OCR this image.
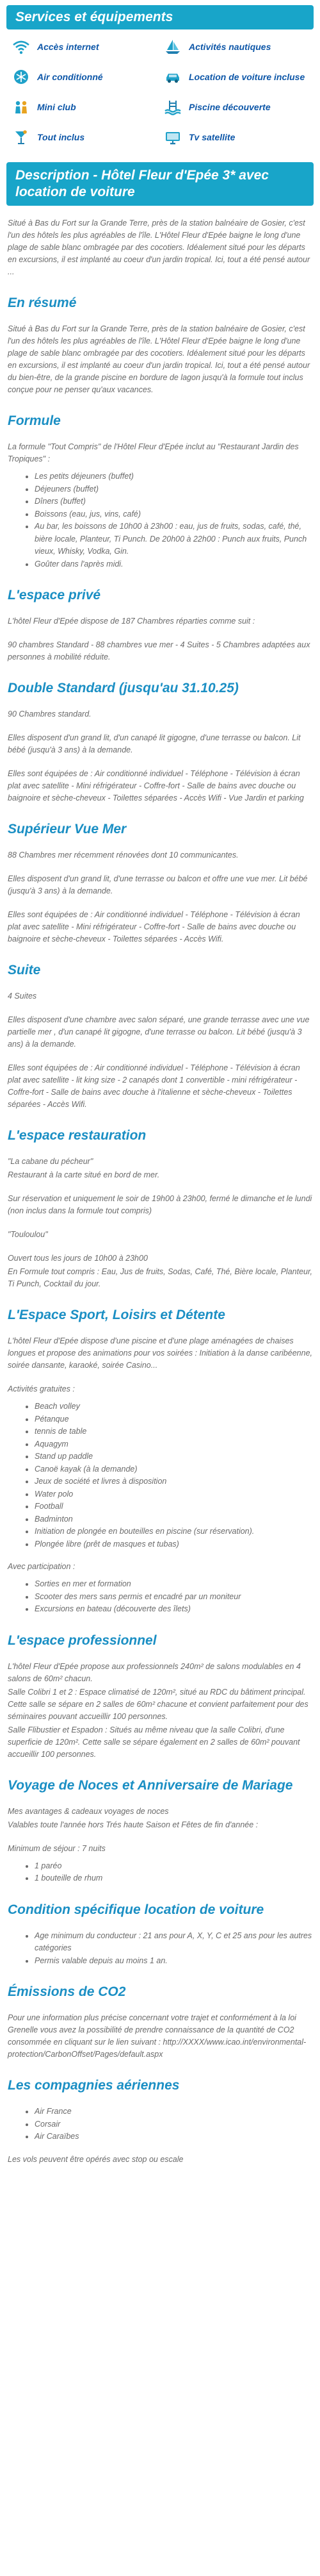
Services et équipements
Accès internet	Activités nautiques
Air conditionné	Location de voiture incluse
Mini club	Piscine découverte
Tout inclus	Tv satellite
Description - Hôtel Fleur d'Epée 3* avec location de voiture

Situé à Bas du Fort sur la Grande Terre, près de la station balnéaire de Gosier, c'est l'un des hôtels les plus agréables de l'île. L'Hôtel Fleur d'Epée baigne le long d'une plage de sable blanc ombragée par des cocotiers. Idéalement situé pour les départs en excursions, il est implanté au coeur d'un jardin tropical. Ici, tout a été pensé autour ...

En résumé

Situé à Bas du Fort sur la Grande Terre, près de la station balnéaire de Gosier, c'est l'un des hôtels les plus agréables de l'île. L'Hôtel Fleur d'Epée baigne le long d'une plage de sable blanc ombragée par des cocotiers. Idéalement situé pour les départs en excursions, il est implanté au coeur d'un jardin tropical. Ici, tout a été pensé autour du bien-être, de la grande piscine en bordure de lagon jusqu'à la formule tout inclus conçue pour ne penser qu'aux vacances.

Formule

La formule "Tout Compris" de l'Hôtel Fleur d'Epée inclut au "Restaurant Jardin des Tropiques" :

• Les petits déjeuners (buffet)
• Déjeuners (buffet)
• Dîners (buffet)
• Boissons (eau, jus, vins, café)
• Au bar, les boissons de 10h00 à 23h00 : eau, jus de fruits, sodas, café, thé, bière locale, Planteur, Ti Punch. De 20h00 à 22h00 : Punch aux fruits, Punch vieux, Whisky, Vodka, Gin.
• Goûter dans l'après midi.
L'espace privé

L'hôtel Fleur d'Epée dispose de 187 Chambres réparties comme suit :

90 chambres Standard - 88 chambres vue mer - 4 Suites - 5 Chambres adaptées aux personnes à mobilité réduite.

Double Standard (jusqu'au 31.10.25)

90 Chambres standard.

Elles disposent d'un grand lit, d'un canapé lit gigogne, d'une terrasse ou balcon. Lit bébé (jusqu'à 3 ans) à la demande.

Elles sont équipées de : Air conditionné individuel - Téléphone - Télévision à écran plat avec satellite - Mini réfrigérateur - Coffre-fort - Salle de bains avec douche ou baignoire et sèche-cheveux - Toilettes séparées - Accès Wifi - Vue Jardin et parking

Supérieur Vue Mer

88 Chambres mer récemment rénovées dont 10 communicantes.

Elles disposent d'un grand lit, d'une terrasse ou balcon et offre une vue mer. Lit bébé (jusqu'à 3 ans) à la demande.

Elles sont équipées de : Air conditionné individuel - Téléphone - Télévision à écran plat avec satellite - Mini réfrigérateur - Coffre-fort - Salle de bains avec douche ou baignoire et sèche-cheveux - Toilettes séparées - Accès Wifi.

Suite

4 Suites

Elles disposent d'une chambre avec salon séparé, une grande terrasse avec une vue partielle mer , d'un canapé lit gigogne, d'une terrasse ou balcon. Lit bébé (jusqu'à 3 ans) à la demande.

Elles sont équipées de : Air conditionné individuel - Téléphone - Télévision à écran plat avec satellite - lit king size - 2 canapés dont 1 convertible - mini réfrigérateur - Coffre-fort - Salle de bains avec douche à l'italienne et sèche-cheveux - Toilettes séparées - Accès Wifi.

L'espace restauration

"La cabane du pécheur"

Restaurant à la carte situé en bord de mer.

Sur réservation et uniquement le soir de 19h00 à 23h00, fermé le dimanche et le lundi (non inclus dans la formule tout compris)

"Touloulou"

Ouvert tous les jours de 10h00 à 23h00

En Formule tout compris : Eau, Jus de fruits, Sodas, Café, Thé, Bière locale, Planteur, Ti Punch, Cocktail du jour.

L'Espace Sport, Loisirs et Détente

L'hôtel Fleur d'Epée dispose d'une piscine et d'une plage aménagées de chaises longues et propose des animations pour vos soirées : Initiation à la danse caribéenne, soirée dansante, karaoké, soirée Casino...

Activités gratuites :

• Beach volley
• Pétanque
• tennis de table
• Aquagym
• Stand up paddle
• Canoë kayak (à la demande)
• Jeux de société et livres à disposition
• Water polo
• Football
• Badminton
• Initiation de plongée en bouteilles en piscine (sur réservation).
• Plongée libre (prêt de masques et tubas)

Avec participation :

• Sorties en mer et formation
• Scooter des mers sans permis et encadré par un moniteur
• Excursions en bateau (découverte des îlets)
L'espace professionnel

L'hôtel Fleur d'Epée propose aux professionnels 240m² de salons modulables en 4 salons de 60m² chacun.

Salle Colibri 1 et 2 : Espace climatisé de 120m², situé au RDC du bâtiment principal. Cette salle se sépare en 2 salles de 60m² chacune et convient parfaitement pour des séminaires pouvant accueillir 100 personnes.

Salle Flibustier et Espadon : Situés au même niveau que la salle Colibri, d'une superficie de 120m². Cette salle se sépare également en 2 salles de 60m² pouvant accueillir 100 personnes.

Voyage de Noces et Anniversaire de Mariage

Mes avantages & cadeaux voyages de noces

Valables toute l'année hors Trés haute Saison et Fêtes de fin d'année :

Minimum de séjour : 7 nuits

• 1 paréo
• 1 bouteille de rhum
Condition spécifique location de voiture
• Age minimum du conducteur : 21 ans pour A, X, Y, C et 25 ans pour les autres catégories
• Permis valable depuis au moins 1 an.
Émissions de CO2

Pour une information plus précise concernant votre trajet et conformément à la loi Grenelle vous avez la possibilité de prendre connaissance de la quantité de CO2 consommée en cliquant sur le lien suivant : http://XXXX/www.icao.int/environmental-protection/CarbonOffset/Pages/default.aspx

Les compagnies aériennes
• Air France
• Corsair
• Air Caraïbes

Les vols peuvent être opérés avec stop ou escale
